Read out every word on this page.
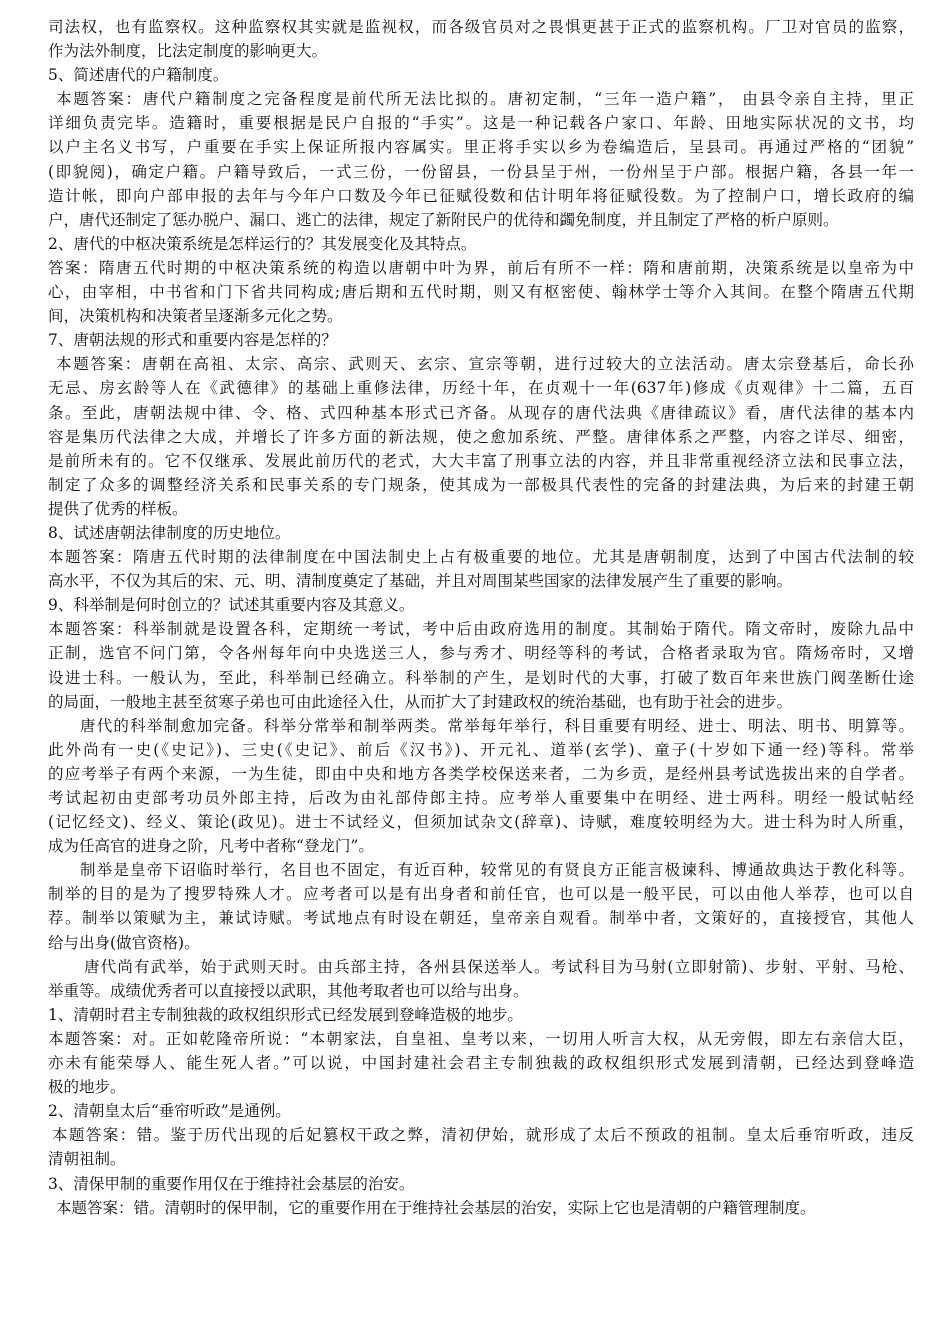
司法权，也有监察权。这种监察权其实就是监视权，而各级官员对之畏惧更甚于正式的监察机构。厂卫对官员的监察，
作为法外制度，比法定制度的影响更大。
5、简述唐代的户籍制度。
本题答案：唐代户籍制度之完备程度是前代所无法比拟的。唐初定制，“三年一造户籍”， 由县令亲自主持，里正
详细负责完毕。造籍时，重要根据是民户自报的“手实”。这是一种记载各户家口、年龄、田地实际状况的文书，均
以户主名义书写，户重要在手实上保证所报内容属实。里正将手实以乡为卷编造后，呈县司。再通过严格的“团貌”
(即貌阅)，确定户籍。户籍导致后，一式三份，一份留县，一份县呈于州，一份州呈于户部。根据户籍，各县一年一
造计帐，即向户部申报的去年与今年户口数及今年已征赋役数和估计明年将征赋役数。为了控制户口，增长政府的编
户，唐代还制定了惩办脱户、漏口、逃亡的法律，规定了新附民户的优待和蠲免制度，并且制定了严格的析户原则。
2、唐代的中枢决策系统是怎样运行的？其发展变化及其特点。
答案：隋唐五代时期的中枢决策系统的构造以唐朝中叶为界，前后有所不一样：隋和唐前期，决策系统是以皇帝为中
心，由宰相，中书省和门下省共同构成;唐后期和五代时期，则又有枢密使、翰林学士等介入其间。在整个隋唐五代期
间，决策机构和决策者呈逐渐多元化之势。
7、唐朝法规的形式和重要内容是怎样的？
本题答案：唐朝在高祖、太宗、高宗、武则天、玄宗、宣宗等朝，进行过较大的立法活动。唐太宗登基后，命长孙
无忌、房玄龄等人在《武德律》的基础上重修法律，历经十年，在贞观十一年(637年)修成《贞观律》十二篇，五百
条。至此，唐朝法规中律、令、格、式四种基本形式已齐备。从现存的唐代法典《唐律疏议》看，唐代法律的基本内
容是集历代法律之大成，并增长了许多方面的新法规，使之愈加系统、严整。唐律体系之严整，内容之详尽、细密，
是前所未有的。它不仅继承、发展此前历代的老式，大大丰富了刑事立法的内容，并且非常重视经济立法和民事立法，
制定了众多的调整经济关系和民事关系的专门规条，使其成为一部极具代表性的完备的封建法典，为后来的封建王朝
提供了优秀的样板。
8、试述唐朝法律制度的历史地位。
本题答案：隋唐五代时期的法律制度在中国法制史上占有极重要的地位。尤其是唐朝制度，达到了中国古代法制的较
高水平，不仅为其后的宋、元、明、清制度奠定了基础，并且对周围某些国家的法律发展产生了重要的影响。
9、科举制是何时创立的？试述其重要内容及其意义。
本题答案：科举制就是设置各科，定期统一考试，考中后由政府选用的制度。其制始于隋代。隋文帝时，废除九品中
正制，选官不问门第，令各州每年向中央选送三人，参与秀才、明经等科的考试，合格者录取为官。隋炀帝时，又增
设进士科。一般认为，至此，科举制已经确立。科举制的产生，是划时代的大事，打破了数百年来世族门阀垄断仕途
的局面，一般地主甚至贫寒子弟也可由此途径入仕，从而扩大了封建政权的统治基础，也有助于社会的进步。
唐代的科举制愈加完备。科举分常举和制举两类。常举每年举行，科目重要有明经、进士、明法、明书、明算等。
此外尚有一史(《史记》)、三史(《史记》、前后《汉书》)、开元礼、道举(玄学)、童子(十岁如下通一经)等科。常举
的应考举子有两个来源，一为生徒，即由中央和地方各类学校保送来者，二为乡贡，是经州县考试选拔出来的自学者。
考试起初由吏部考功员外郎主持，后改为由礼部侍郎主持。应考举人重要集中在明经、进士两科。明经一般试帖经
(记忆经文)、经义、策论(政见)。进士不试经义，但须加试杂文(辞章)、诗赋，难度较明经为大。进士科为时人所重，
成为任高官的进身之阶，凡考中者称“登龙门”。
制举是皇帝下诏临时举行，名目也不固定，有近百种，较常见的有贤良方正能言极谏科、博通故典达于教化科等。
制举的目的是为了搜罗特殊人才。应考者可以是有出身者和前任官，也可以是一般平民，可以由他人举荐，也可以自
荐。制举以策赋为主，兼试诗赋。考试地点有时设在朝廷，皇帝亲自观看。制举中者，文策好的，直接授官，其他人
给与出身(做官资格)。
唐代尚有武举，始于武则天时。由兵部主持，各州县保送举人。考试科目为马射(立即射箭)、步射、平射、马枪、
举重等。成绩优秀者可以直接授以武职，其他考取者也可以给与出身。
1、清朝时君主专制独裁的政权组织形式已经发展到登峰造极的地步。
本题答案：对。正如乾隆帝所说：“本朝家法，自皇祖、皇考以来，一切用人听言大权，从无旁假，即左右亲信大臣，
亦未有能荣辱人、能生死人者。”可以说，中国封建社会君主专制独裁的政权组织形式发展到清朝，已经达到登峰造
极的地步。
2、清朝皇太后“垂帘听政”是通例。
本题答案：错。鉴于历代出现的后妃篡权干政之弊，清初伊始，就形成了太后不预政的祖制。皇太后垂帘听政，违反
清朝祖制。
3、清保甲制的重要作用仅在于维持社会基层的治安。
本题答案：错。清朝时的保甲制，它的重要作用在于维持社会基层的治安，实际上它也是清朝的户籍管理制度。
